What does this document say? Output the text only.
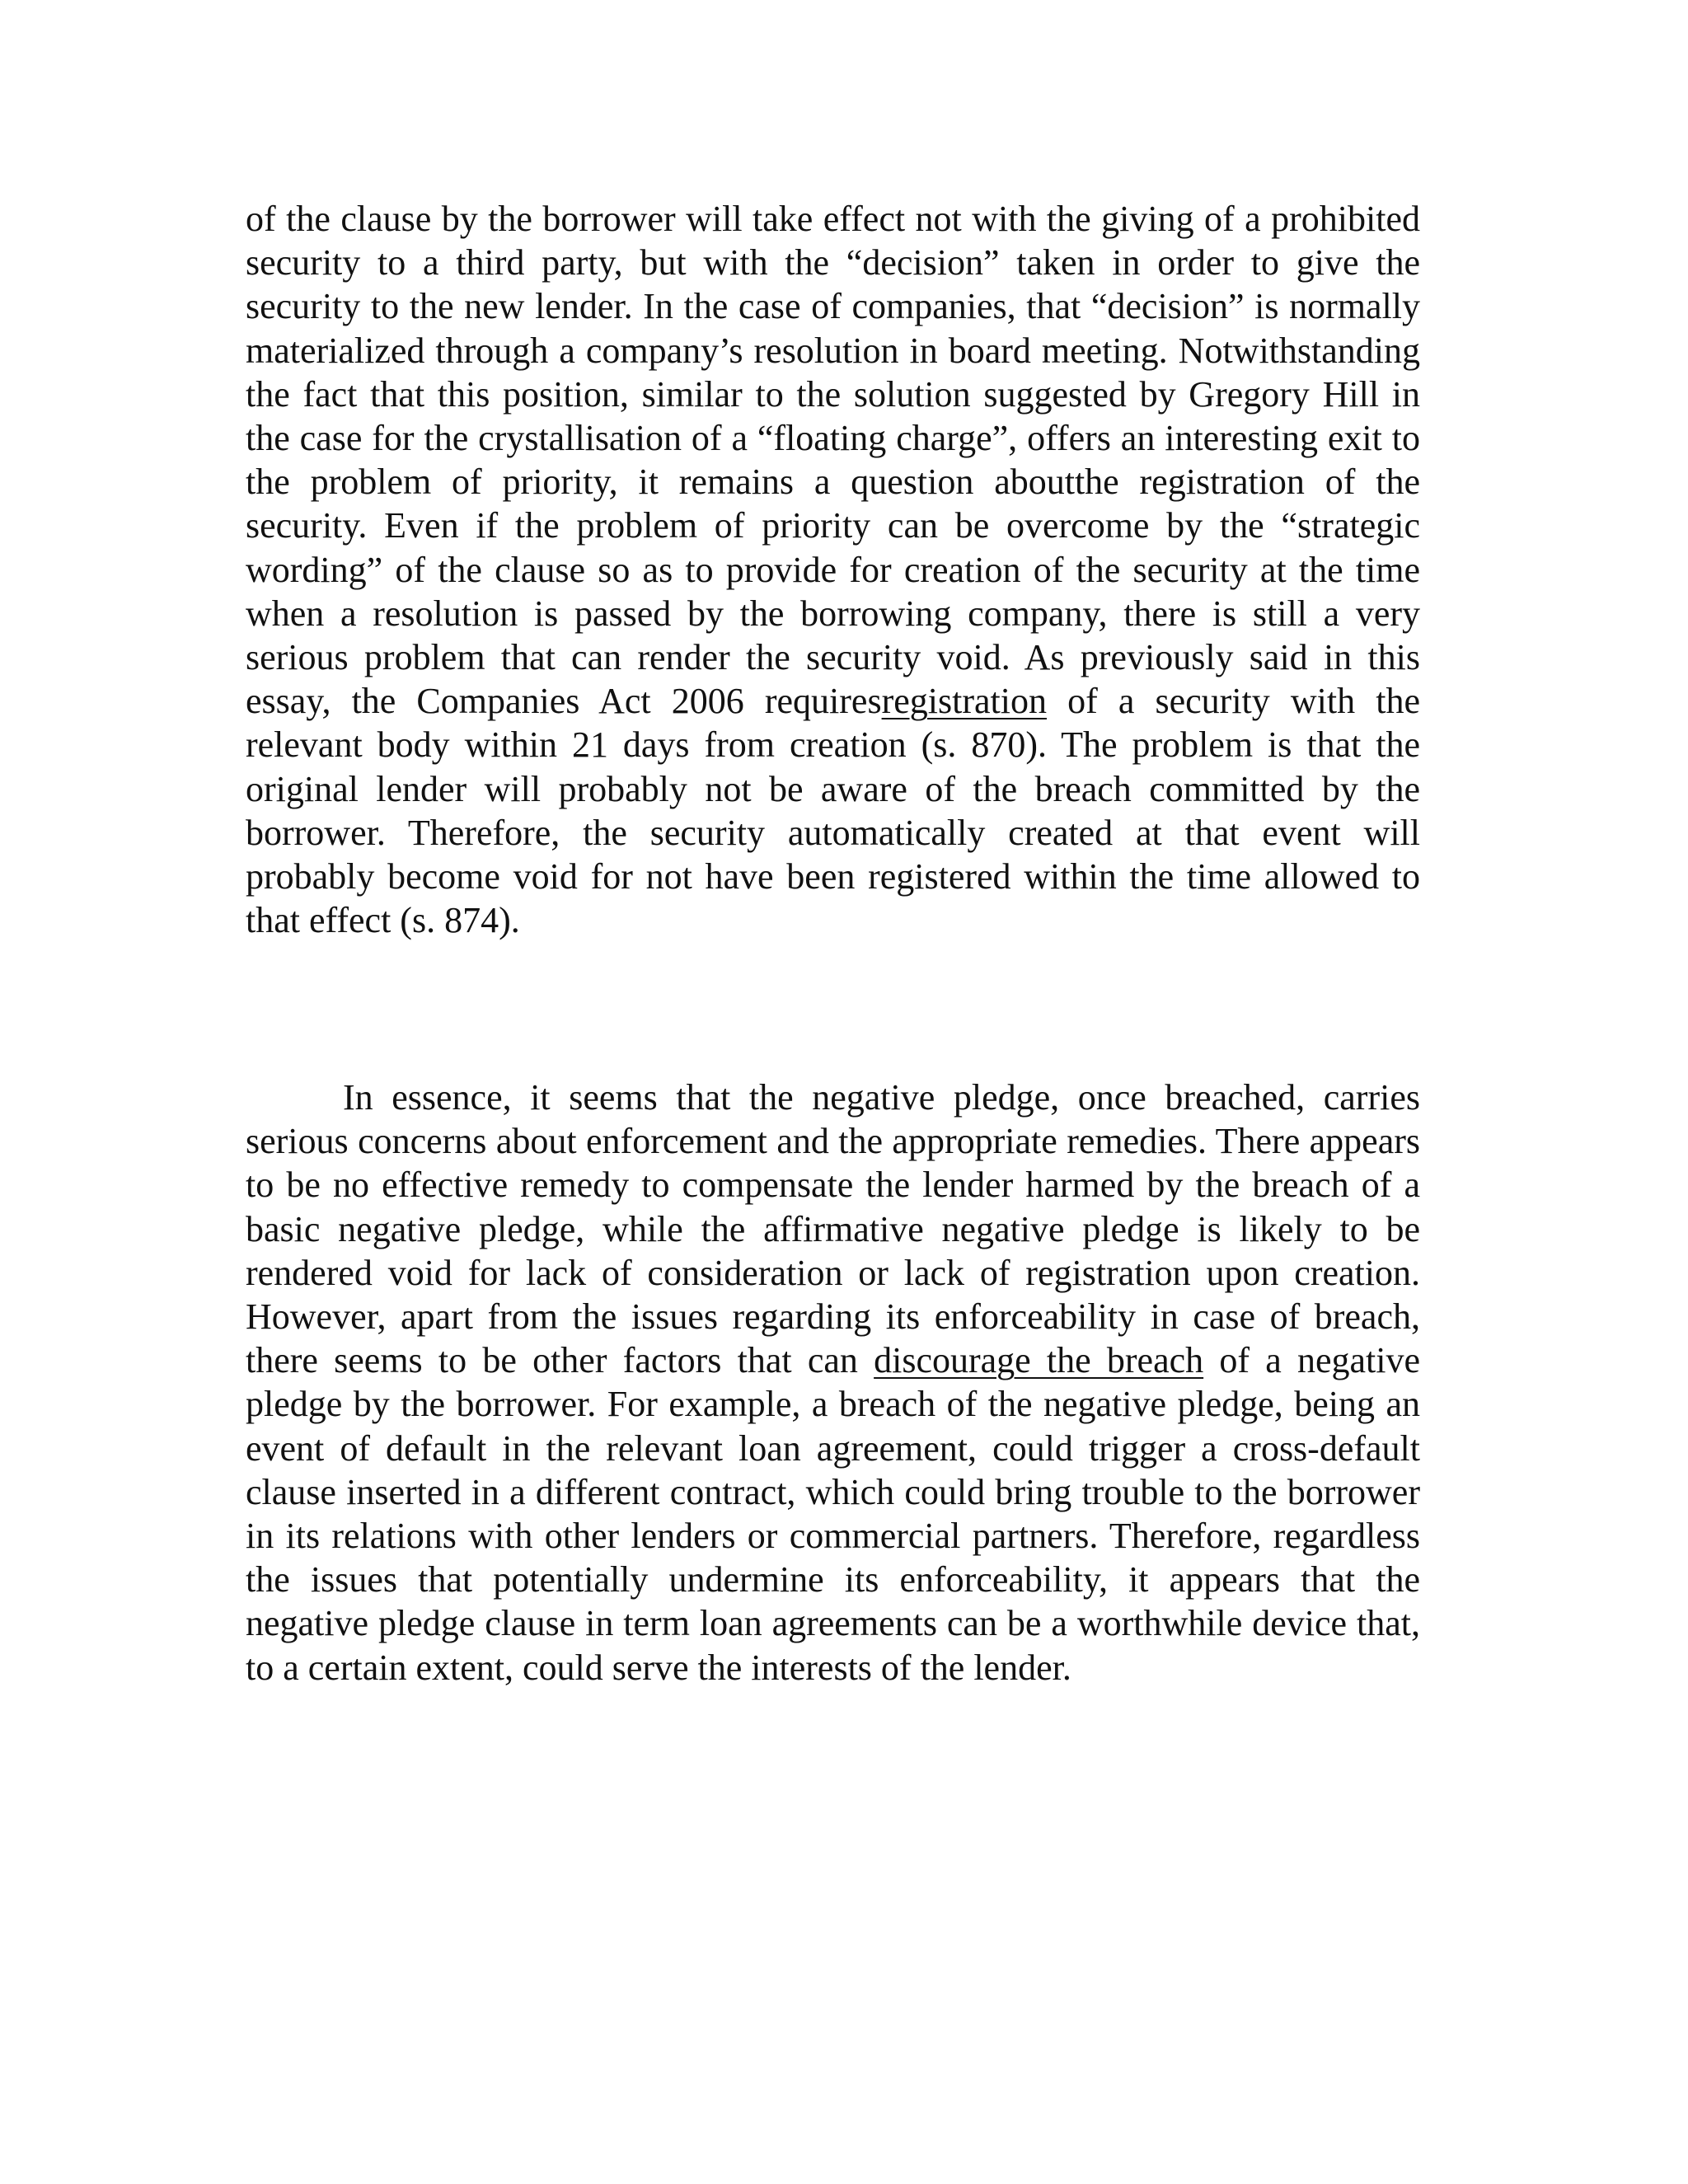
of the clause by the borrower will take effect not with the giving of a prohibited security to a third party, but with the “decision” taken in order to give the security to the new lender. In the case of companies, that “decision” is normally materialized through a company’s resolution in board meeting. Notwithstanding the fact that this position, similar to the solution suggested by Gregory Hill in the case for the crystallisation of a “floating charge”, offers an interesting exit to the problem of priority, it remains a question aboutthe registration of the security. Even if the problem of priority can be overcome by the “strategic wording” of the clause so as to provide for creation of the security at the time when a resolution is passed by the borrowing company, there is still a very serious problem that can render the security void. As previously said in this essay, the Companies Act 2006 requiresregistration of a security with the relevant body within 21 days from creation (s. 870). The problem is that the original lender will probably not be aware of the breach committed by the borrower. Therefore, the security automatically created at that event will probably become void for not have been registered within the time allowed to that effect (s. 874).

In essence, it seems that the negative pledge, once breached, carries serious concerns about enforcement and the appropriate remedies. There appears to be no effective remedy to compensate the lender harmed by the breach of a basic negative pledge, while the affirmative negative pledge is likely to be rendered void for lack of consideration or lack of registration upon creation. However, apart from the issues regarding its enforceability in case of breach, there seems to be other factors that can discourage the breach of a negative pledge by the borrower. For example, a breach of the negative pledge, being an event of default in the relevant loan agreement, could trigger a cross-default clause inserted in a different contract, which could bring trouble to the borrower in its relations with other lenders or commercial partners. Therefore, regardless the issues that potentially undermine its enforceability, it appears that the negative pledge clause in term loan agreements can be a worthwhile device that, to a certain extent, could serve the interests of the lender.
